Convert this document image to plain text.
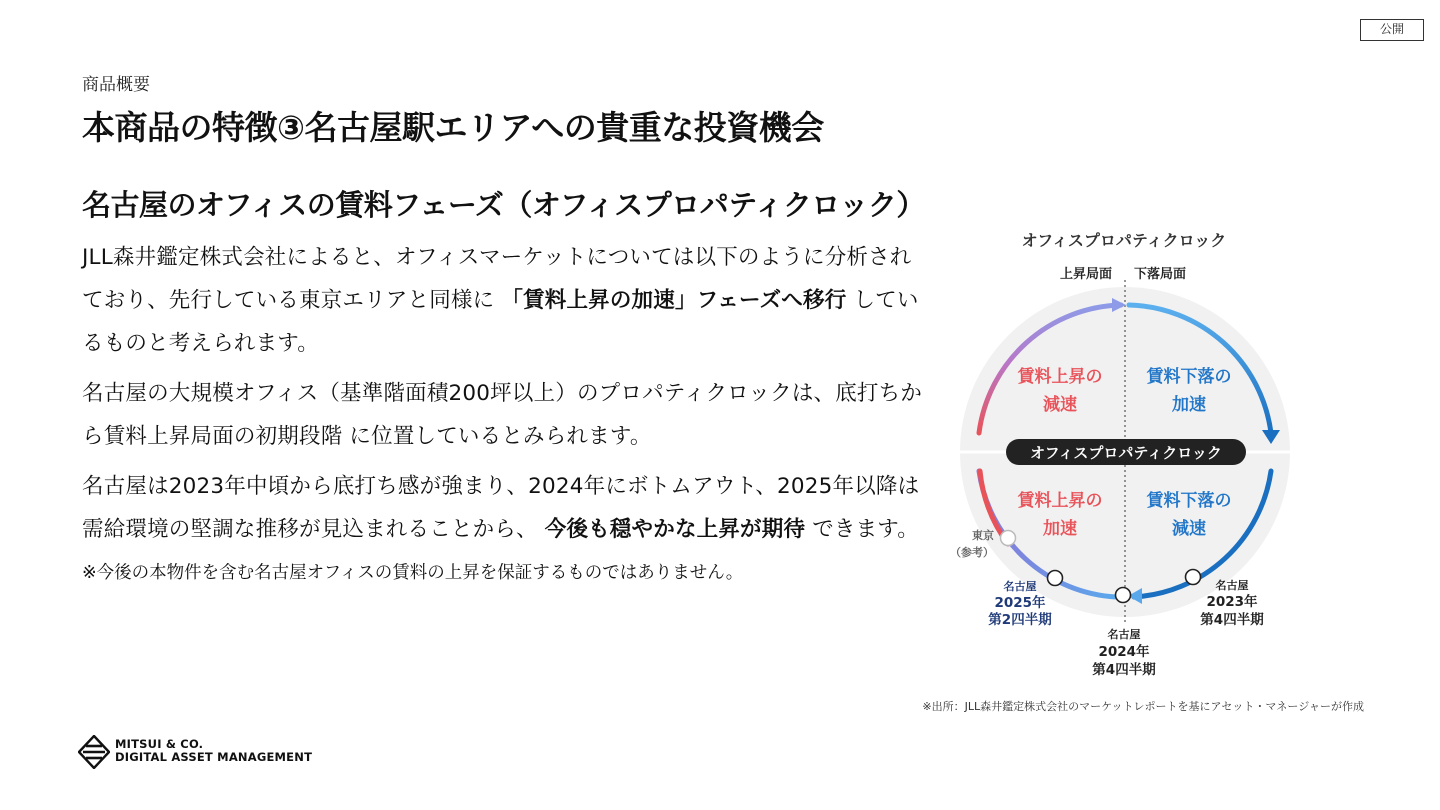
公開
商品概要
本商品の特徴③名古屋駅エリアへの貴重な投資機会
名古屋のオフィスの賃料フェーズ（オフィスプロパティクロック）

JLL森井鑑定株式会社によると、オフィスマーケットについては以下のように分析されており、先行している東京エリアと同様に 「賃料上昇の加速」フェーズへ移行 しているものと考えられます。

名古屋の大規模オフィス（基準階面積200坪以上）のプロパティクロックは、底打ちから賃料上昇局面の初期段階 に位置しているとみられます。

名古屋は2023年中頃から底打ち感が強まり、2024年にボトムアウト、2025年以降は需給環境の堅調な推移が見込まれることから、 今後も穏やかな上昇が期待 できます。

※今後の本物件を含む名古屋オフィスの賃料の上昇を保証するものではありません。
オフィスプロパティクロック
上昇局面 下落局面
賃料上昇の
減速
賃料下落の
加速
賃料上昇の
加速
賃料下落の
減速
オフィスプロパティクロック
東京
（参考）
名古屋
2025年
第2四半期
名古屋
2024年
第4四半期
名古屋
2023年
第4四半期
※出所：JLL森井鑑定株式会社のマーケットレポートを基にアセット・マネージャーが作成
MITSUI & CO.
DIGITAL ASSET MANAGEMENT
